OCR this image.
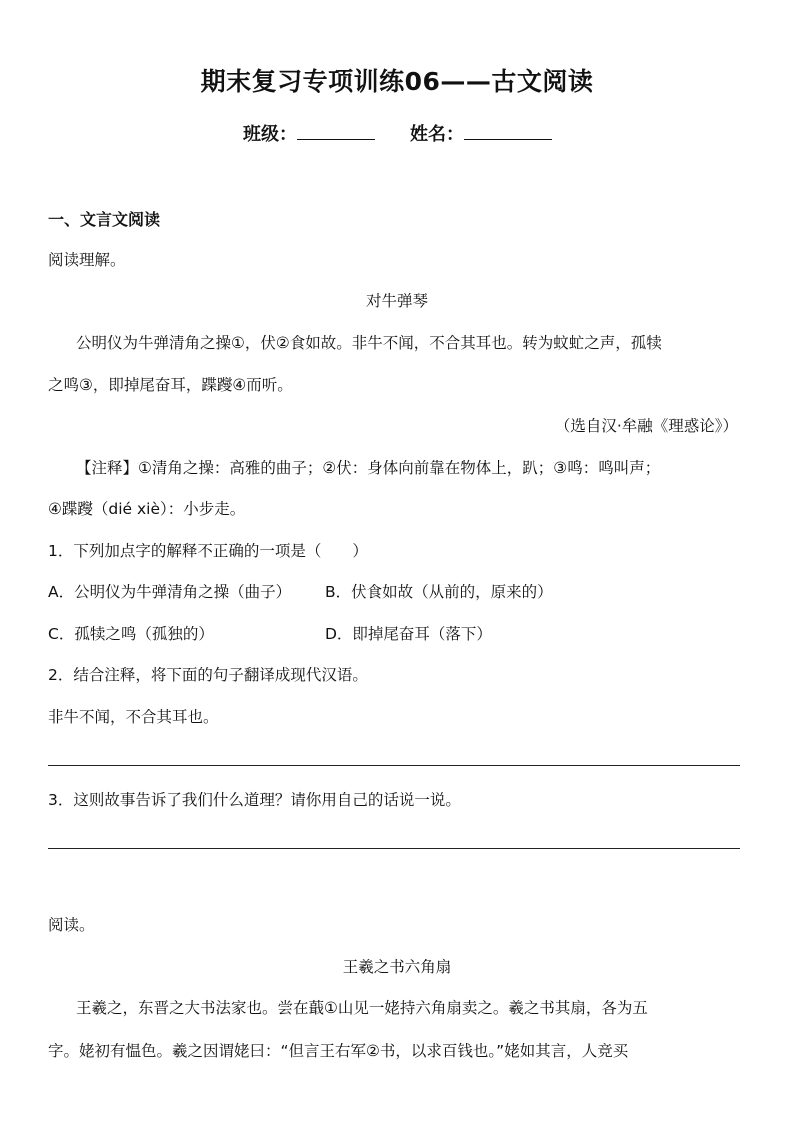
期末复习专项训练06——古文阅读
班级：	姓名：
一、文言文阅读
阅读理解。
对牛弹琴
公明仪为牛弹清角之操①，伏②食如故。非牛不闻，不合其耳也。转为蚊虻之声，孤犊
之鸣③，即掉尾奋耳，蹀躞④而听。
（选自汉·牟融《理惑论》）
【注释】①清角之操：高雅的曲子；②伏：身体向前靠在物体上，趴；③鸣：鸣叫声；
④蹀躞（dié xiè）：小步走。
1．下列加点字的解释不正确的一项是（　　）
A．公明仪为牛弹清角之操（曲子） B．伏食如故（从前的，原来的）
C．孤犊之鸣（孤独的）	D．即掉尾奋耳（落下）
2．结合注释，将下面的句子翻译成现代汉语。
非牛不闻，不合其耳也。
3．这则故事告诉了我们什么道理？请你用自己的话说一说。
阅读。
王羲之书六角扇
王羲之，东晋之大书法家也。尝在蕺①山见一姥持六角扇卖之。羲之书其扇，各为五
字。姥初有愠色。羲之因谓姥曰：“但言王右军②书，以求百钱也。”姥如其言，人竞买
